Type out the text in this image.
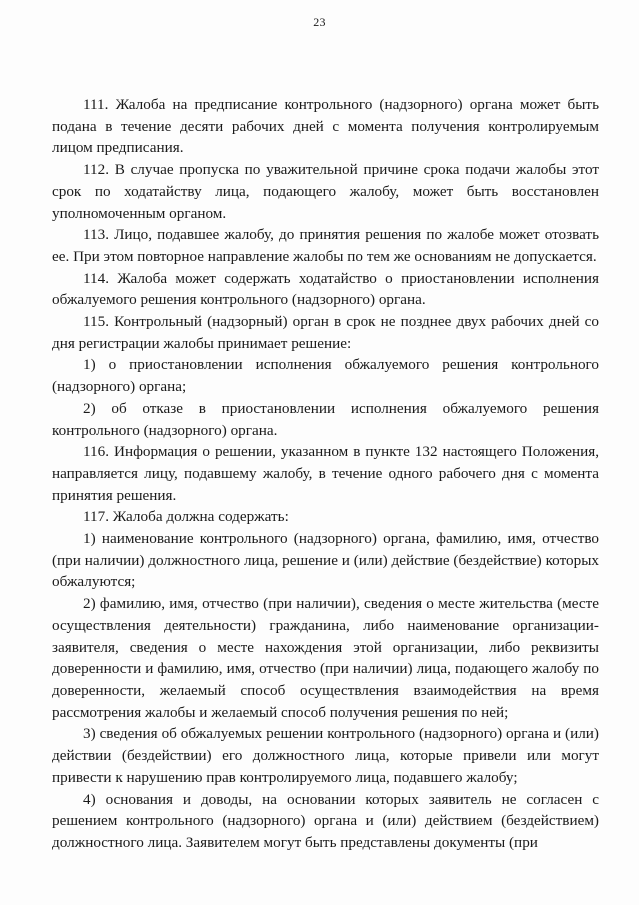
23

111. Жалоба на предписание контрольного (надзорного) органа может быть подана в течение десяти рабочих дней с момента получения контролируемым лицом предписания.

112. В случае пропуска по уважительной причине срока подачи жалобы этот срок по ходатайству лица, подающего жалобу, может быть восстановлен уполномоченным органом.

113. Лицо, подавшее жалобу, до принятия решения по жалобе может отозвать ее. При этом повторное направление жалобы по тем же основаниям не допускается.

114. Жалоба может содержать ходатайство о приостановлении исполнения обжалуемого решения контрольного (надзорного) органа.

115. Контрольный (надзорный) орган в срок не позднее двух рабочих дней со дня регистрации жалобы принимает решение:

1) о приостановлении исполнения обжалуемого решения контрольного (надзорного) органа;

2) об отказе в приостановлении исполнения обжалуемого решения контрольного (надзорного) органа.

116. Информация о решении, указанном в пункте 132 настоящего Положения, направляется лицу, подавшему жалобу, в течение одного рабочего дня с момента принятия решения.

117. Жалоба должна содержать:

1) наименование контрольного (надзорного) органа, фамилию, имя, отчество (при наличии) должностного лица, решение и (или) действие (бездействие) которых обжалуются;

2) фамилию, имя, отчество (при наличии), сведения о месте жительства (месте осуществления деятельности) гражданина, либо наименование организации-заявителя, сведения о месте нахождения этой организации, либо реквизиты доверенности и фамилию, имя, отчество (при наличии) лица, подающего жалобу по доверенности, желаемый способ осуществления взаимодействия на время рассмотрения жалобы и желаемый способ получения решения по ней;

3) сведения об обжалуемых решении контрольного (надзорного) органа и (или) действии (бездействии) его должностного лица, которые привели или могут привести к нарушению прав контролируемого лица, подавшего жалобу;

4) основания и доводы, на основании которых заявитель не согласен с решением контрольного (надзорного) органа и (или) действием (бездействием) должностного лица. Заявителем могут быть представлены документы (при
